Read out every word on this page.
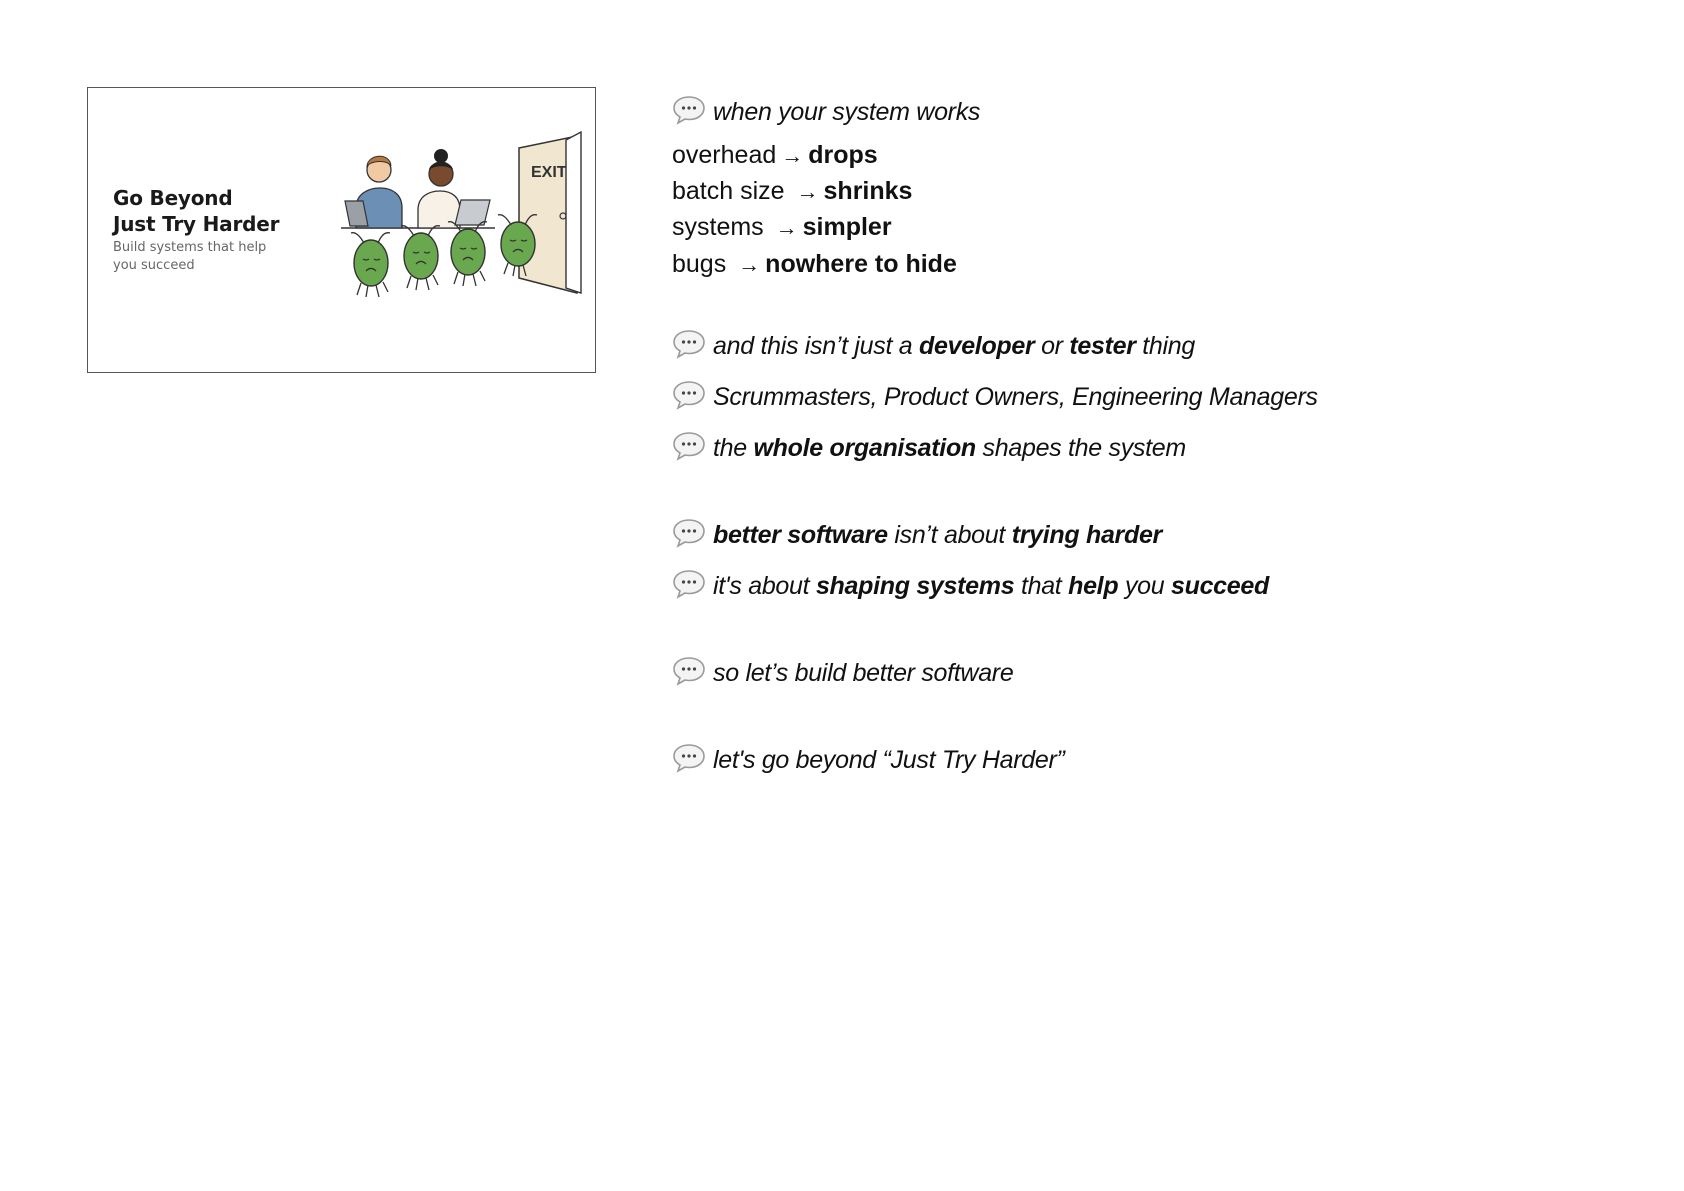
Go Beyond
Just Try Harder
Build systems that help you succeed
EXIT
when your system works
overhead → drops
batch size → shrinks
systems → simpler
bugs → nowhere to hide
and this isn’t just a developer or tester thing
Scrummasters, Product Owners, Engineering Managers
the whole organisation shapes the system
better software isn’t about trying harder
it's about shaping systems that help you succeed
so let’s build better software
let's go beyond “Just Try Harder”
